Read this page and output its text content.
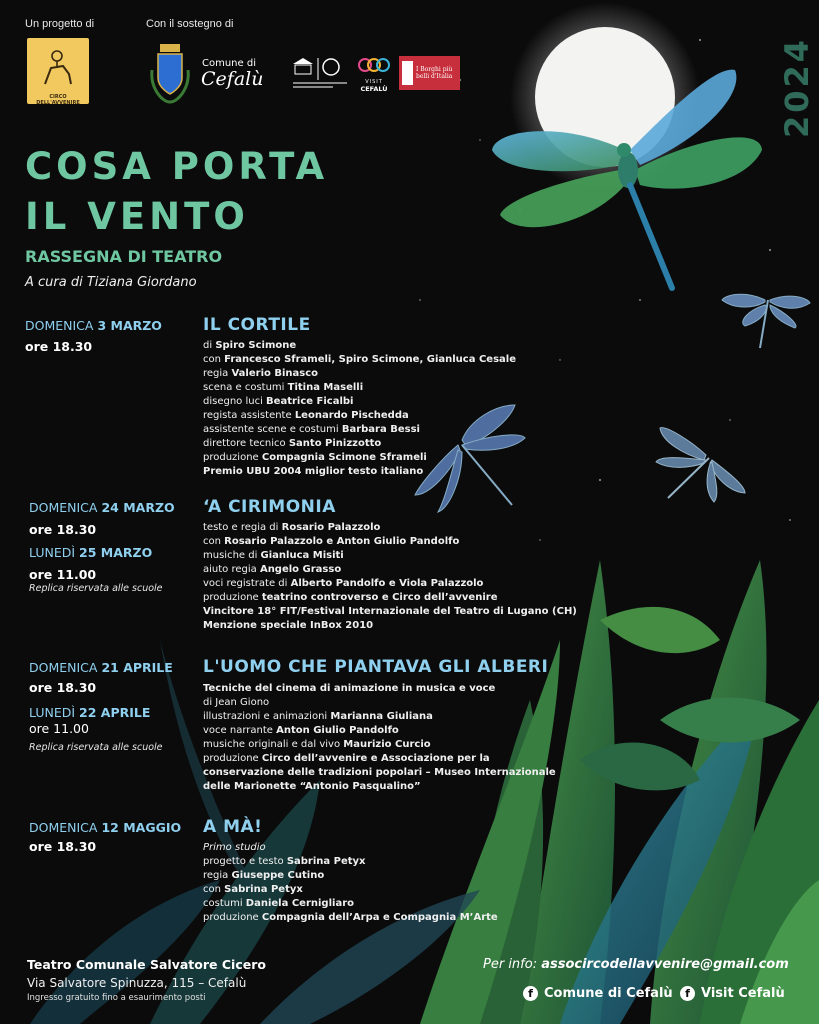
2024
Un progetto di
CIRCO DELL'AVVENIRE
Con il sostegno di
Comune di
Cefalù	VISIT
CEFALÙ
I Borghi più belli d'Italia
COSA PORTA
IL VENTO
RASSEGNA DI TEATRO
A cura di Tiziana Giordano
DOMENICA 3 MARZO
ore 18.30
IL CORTILE
di Spiro Scimone
con Francesco Sframeli, Spiro Scimone, Gianluca Cesale
regia Valerio Binasco
scena e costumi Titina Maselli
disegno luci Beatrice Ficalbi
regista assistente Leonardo Pischedda
assistente scene e costumi Barbara Bessi
direttore tecnico Santo Pinizzotto
produzione Compagnia Scimone Sframeli
Premio UBU 2004 miglior testo italiano
DOMENICA 24 MARZO
ore 18.30
LUNEDÌ 25 MARZO
ore 11.00
Replica riservata alle scuole
‘A CIRIMONIA
testo e regia di Rosario Palazzolo
con Rosario Palazzolo e Anton Giulio Pandolfo
musiche di Gianluca Misiti
aiuto regia Angelo Grasso
voci registrate di Alberto Pandolfo e Viola Palazzolo
produzione teatrino controverso e Circo dell’avvenire
Vincitore 18° FIT/Festival Internazionale del Teatro di Lugano (CH)
Menzione speciale InBox 2010
DOMENICA 21 APRILE
ore 18.30
LUNEDÌ 22 APRILE
ore 11.00
Replica riservata alle scuole
L'UOMO CHE PIANTAVA GLI ALBERI
Tecniche del cinema di animazione in musica e voce
di Jean Giono
illustrazioni e animazioni Marianna Giuliana
voce narrante Anton Giulio Pandolfo
musiche originali e dal vivo Maurizio Curcio
produzione Circo dell’avvenire e Associazione per la
conservazione delle tradizioni popolari – Museo Internazionale
delle Marionette “Antonio Pasqualino”
DOMENICA 12 MAGGIO
ore 18.30
A MÀ!
Primo studio
progetto e testo Sabrina Petyx
regia Giuseppe Cutino
con Sabrina Petyx
costumi Daniela Cernigliaro
produzione Compagnia dell’Arpa e Compagnia M’Arte
Teatro Comunale Salvatore Cicero
Via Salvatore Spinuzza, 115 – Cefalù
Ingresso gratuito fino a esaurimento posti
Per info: assocircodellavvenire@gmail.com
f Comune di Cefalù	f Visit Cefalù
